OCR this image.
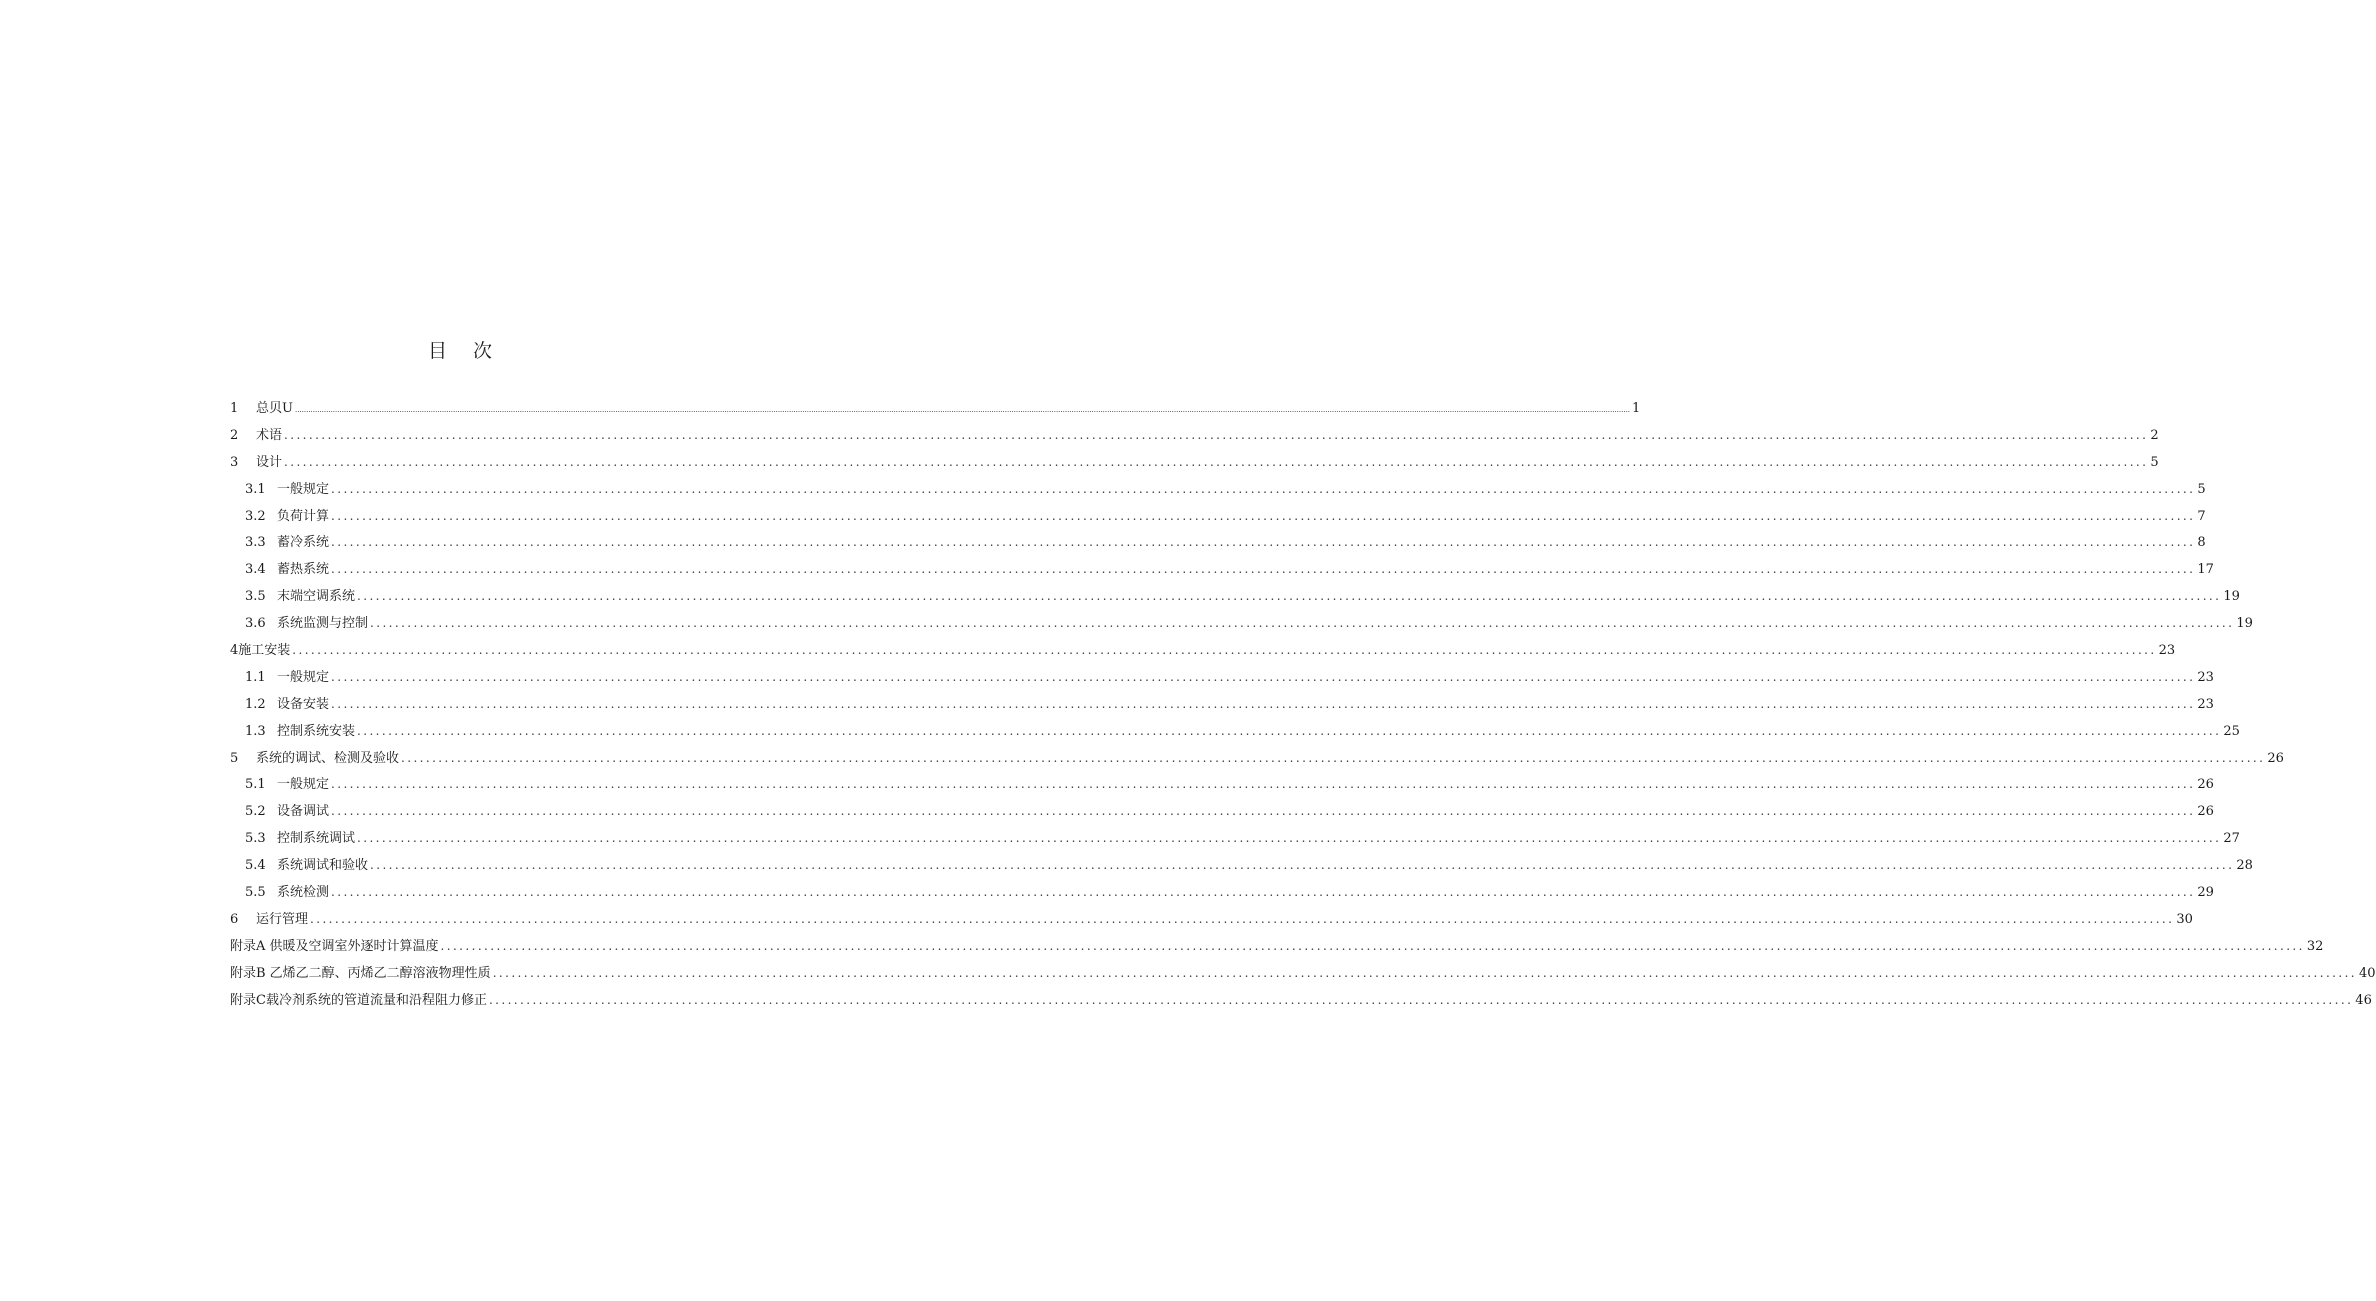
目 次
1	总贝U ........................................................................................................................................................................................................................................................................................................................................................................................................................................................................................................................................................................................................................ 1
2	术语 ............................................................................................................................................................................................................................................................................................................ 2
3	设计 ............................................................................................................................................................................................................................................................................................................ 5
3.1 一般规定 ............................................................................................................................................................................................................................................................................................................ 5
3.2 负荷计算 ............................................................................................................................................................................................................................................................................................................ 7
3.3 蓄冷系统 ............................................................................................................................................................................................................................................................................................................ 8
3.4 蓄热系统 ............................................................................................................................................................................................................................................................................................................ 17
3.5 末端空调系统 ............................................................................................................................................................................................................................................................................................................ 19
3.6 系统监测与控制 ............................................................................................................................................................................................................................................................................................................ 19
4施工安装 ............................................................................................................................................................................................................................................................................................................ 23
1.1 一般规定 ............................................................................................................................................................................................................................................................................................................ 23
1.2 设备安装 ............................................................................................................................................................................................................................................................................................................ 23
1.3 控制系统安装 ............................................................................................................................................................................................................................................................................................................ 25
5	系统的调试、检测及验收 ............................................................................................................................................................................................................................................................................................................ 26
5.1 一般规定 ............................................................................................................................................................................................................................................................................................................ 26
5.2 设备调试 ............................................................................................................................................................................................................................................................................................................ 26
5.3 控制系统调试 ............................................................................................................................................................................................................................................................................................................ 27
5.4 系统调试和验收 ............................................................................................................................................................................................................................................................................................................ 28
5.5 系统检测 ............................................................................................................................................................................................................................................................................................................ 29
6	运行管理 ............................................................................................................................................................................................................................................................................................................ 30
附录A 供暖及空调室外逐时计算温度 ............................................................................................................................................................................................................................................................................................................ 32
附录B 乙烯乙二醇、丙烯乙二醇溶液物理性质 ............................................................................................................................................................................................................................................................................................................ 40
附录C载冷剂系统的管道流量和沿程阻力修正 ............................................................................................................................................................................................................................................................................................................ 46
